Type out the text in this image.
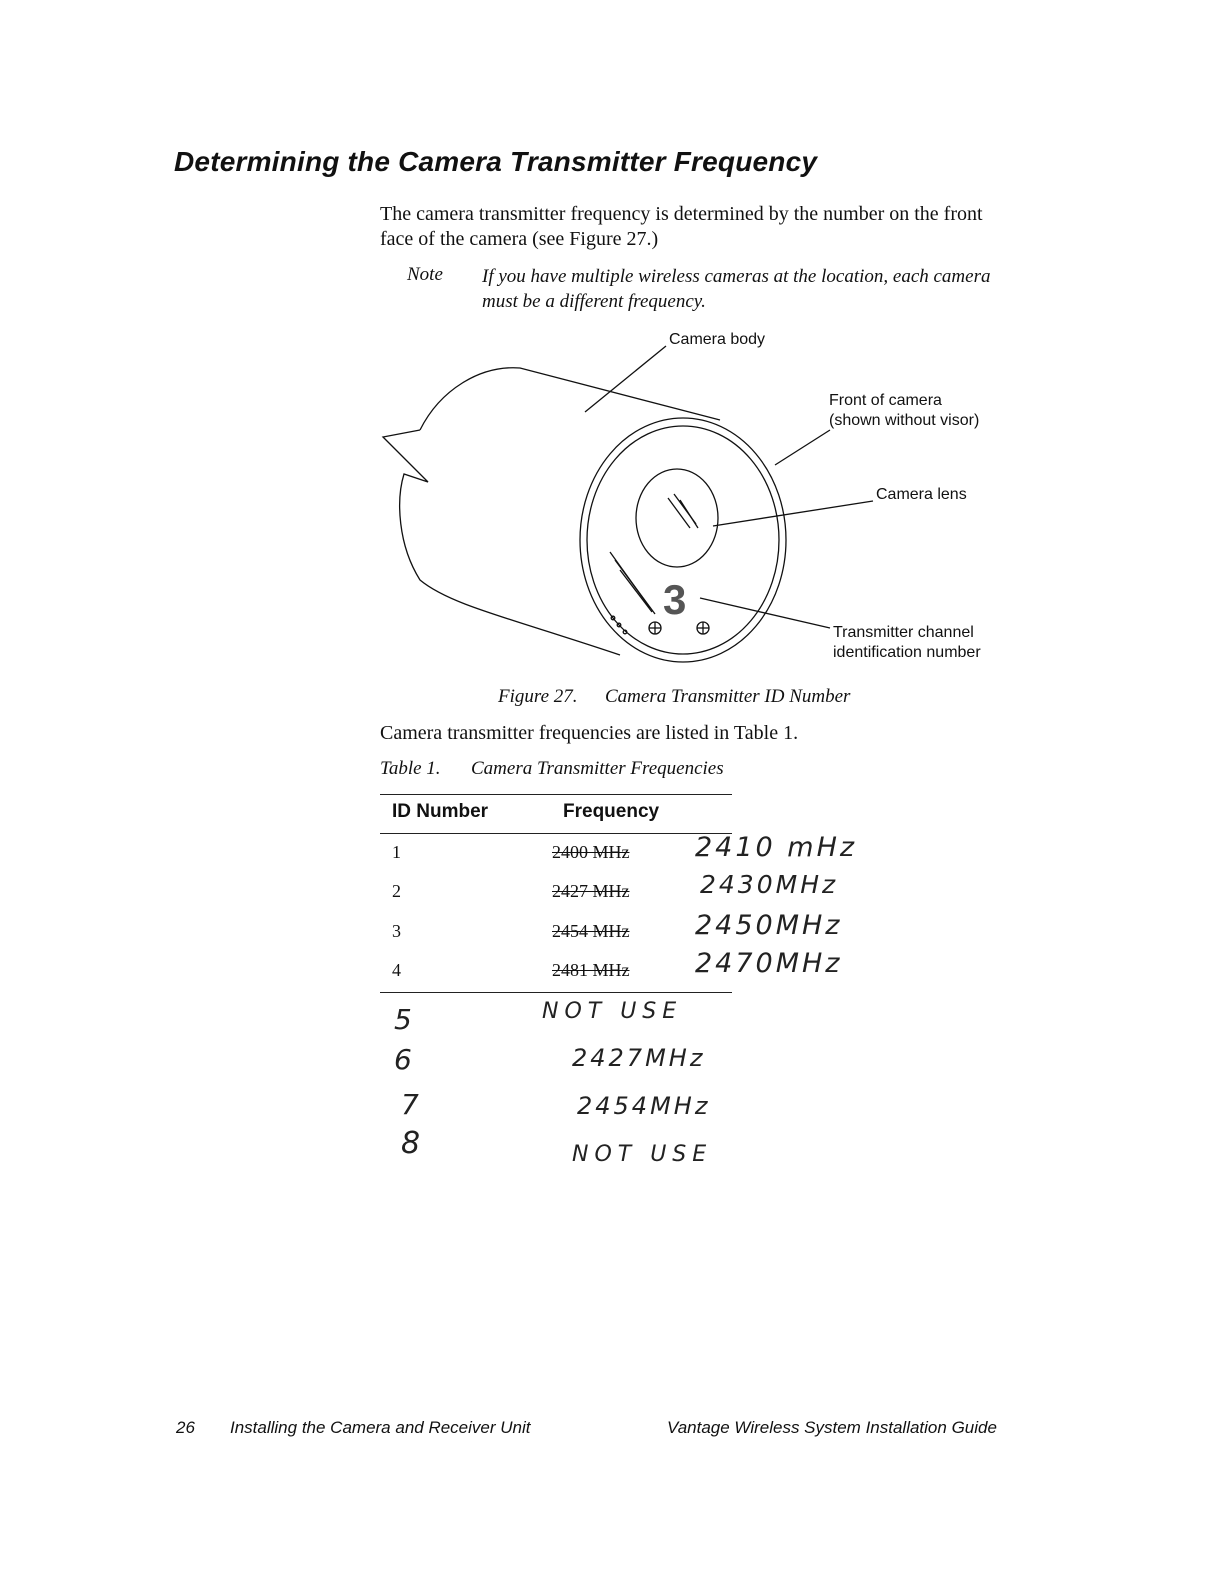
Determining the Camera Transmitter Frequency
The camera transmitter frequency is determined by the number on the front face of the camera (see Figure 27.)
Note If you have multiple wireless cameras at the location, each camera must be a different frequency.
3
Camera body
Front of camera
(shown without visor)
Camera lens
Transmitter channel
identification number
Figure 27. Camera Transmitter ID Number
Camera transmitter frequencies are listed in Table 1.
Table 1. Camera Transmitter Frequencies
ID Number	Frequency
1	2400 MHz 2410 mHz
2	2427 MHz	2430MHz
3	2454 MHz 2450MHz
4	2481 MHz 2470MHz
5	NOT USE
6	2427MHz
7	2454MHz
8	NOT USE
26 Installing the Camera and Receiver Unit	Vantage Wireless System Installation Guide
